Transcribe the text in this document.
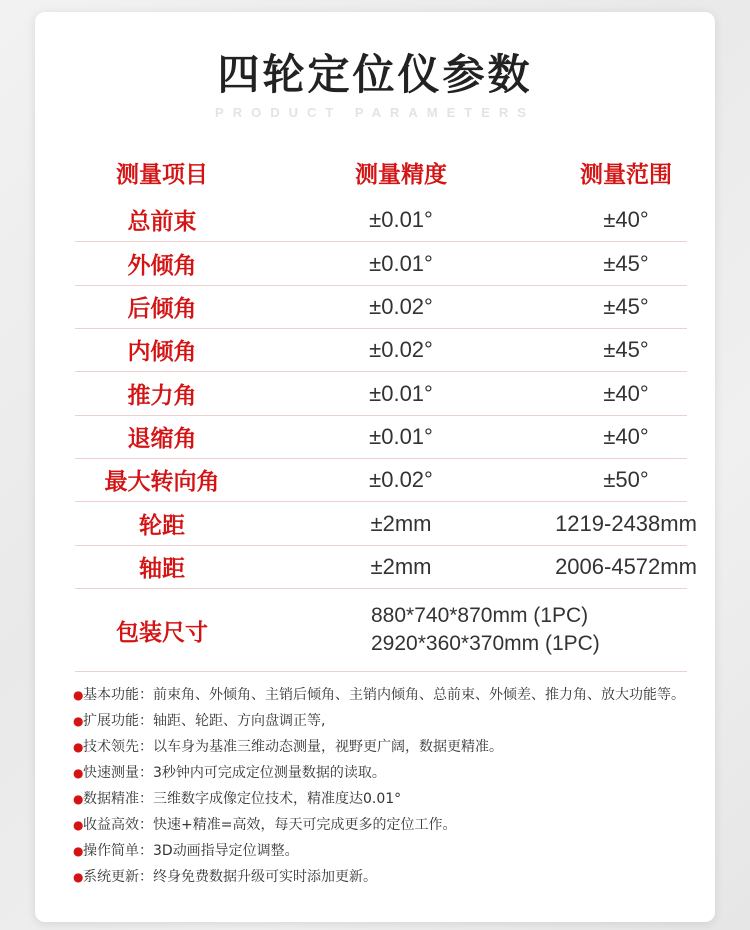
四轮定位仪参数
PRODUCT PARAMETERS
测量项目	测量精度	测量范围
总前束	±0.01°	±40°
外倾角	±0.01°	±45°
后倾角	±0.02°	±45°
内倾角	±0.02°	±45°
推力角	±0.01°	±40°
退缩角	±0.01°	±40°
最大转向角	±0.02°	±50°
轮距	±2mm	1219-2438mm
轴距	±2mm	2006-4572mm
包装尺寸
880*740*870mm (1PC)
2920*360*370mm (1PC)
● 基本功能： 前束角、外倾角、主销后倾角、主销内倾角、总前束、外倾差、推力角、放大功能等。
● 扩展功能： 轴距、轮距、方向盘调正等,
● 技术领先： 以车身为基准三维动态测量，视野更广阔，数据更精准。
● 快速测量： 3秒钟内可完成定位测量数据的读取。
● 数据精准： 三维数字成像定位技术，精准度达0.01°
● 收益高效： 快速+精准=高效，每天可完成更多的定位工作。
● 操作简单： 3D动画指导定位调整。
● 系统更新： 终身免费数据升级可实时添加更新。
